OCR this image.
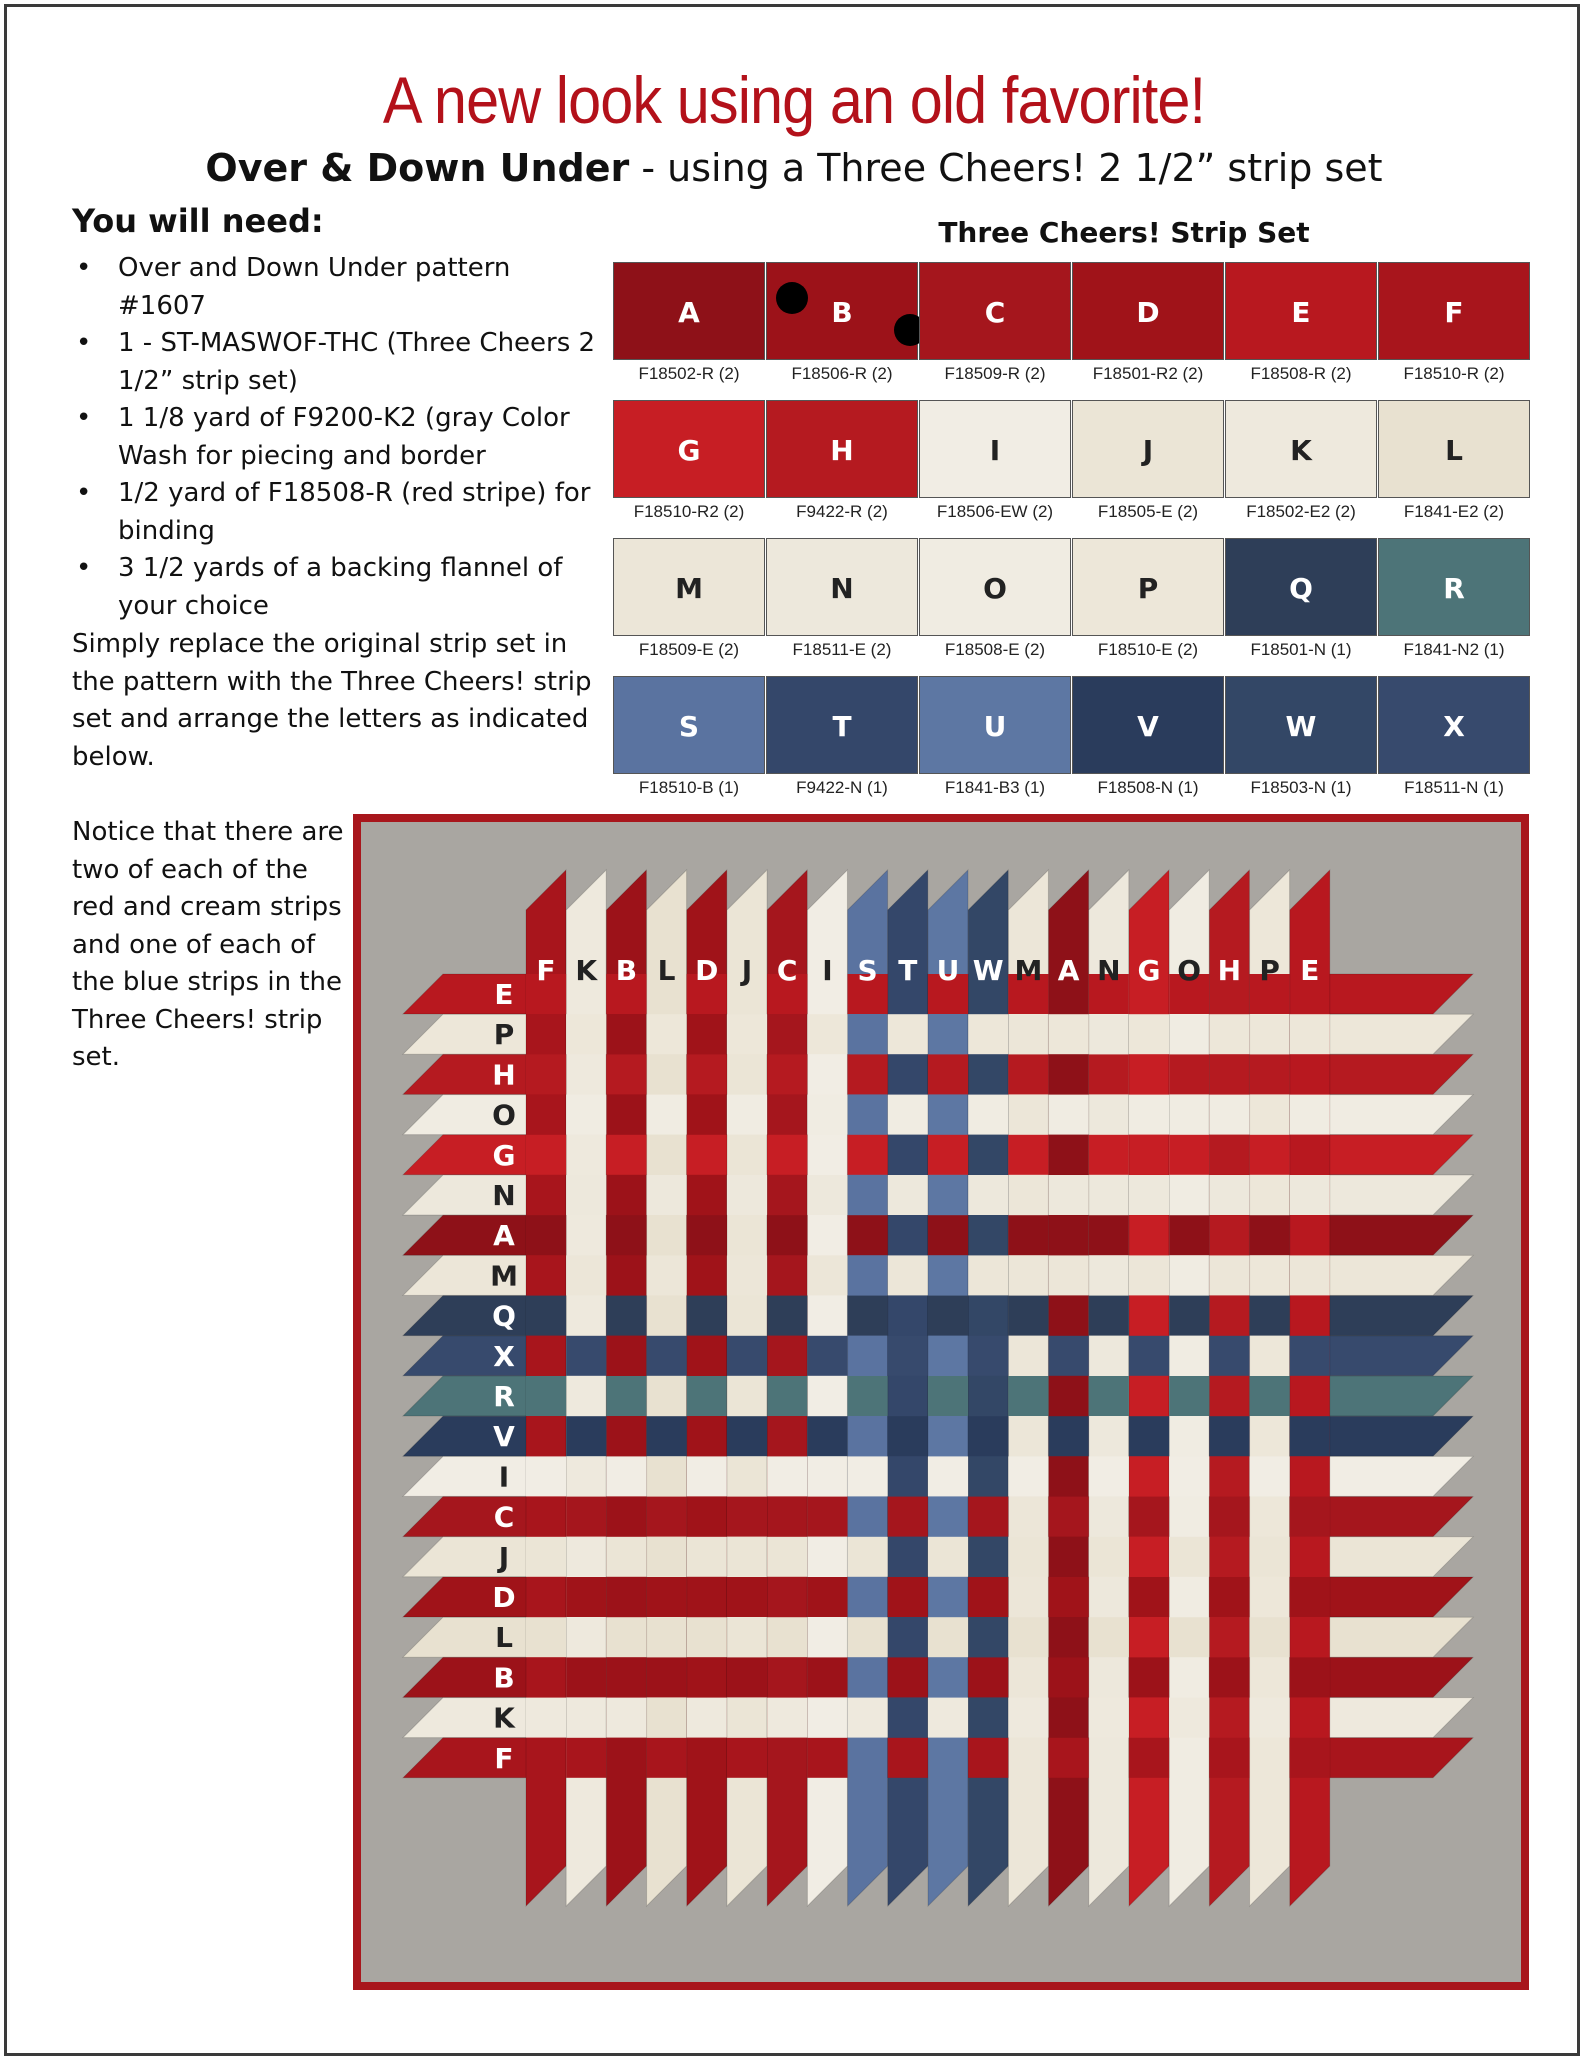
A new look using an old favorite!
Over & Down Under - using a Three Cheers! 2 1/2” strip set
You will need:
• Over and Down Under pattern #1607
• 1 - ST-MASWOF-THC (Three Cheers 2 1/2” strip set)
• 1 1/8 yard of F9200-K2 (gray Color Wash for piecing and border
• 1/2 yard of F18508-R (red stripe) for binding
• 3 1/2 yards of a backing flannel of your choice
Simply replace the original strip set in the pattern with the Three Cheers! strip set and arrange the letters as indicated below.
Notice that there are two of each of the red and cream strips and one of each of the blue strips in the Three Cheers! strip set.
Three Cheers! Strip Set
A
F18502-R (2)
B
F18506-R (2)
C
F18509-R (2)
D
F18501-R2 (2)
E
F18508-R (2)
F
F18510-R (2)
G
F18510-R2 (2)
H
F9422-R (2)
I
F18506-EW (2)
J
F18505-E (2)
K
F18502-E2 (2)
L
F1841-E2 (2)
M
F18509-E (2)
N
F18511-E (2)
O
F18508-E (2)
P
F18510-E (2)
Q
F18501-N (1)
R
F1841-N2 (1)
S
F18510-B (1)
T
F9422-N (1)
U
F1841-B3 (1)
V
F18508-N (1)
W
F18503-N (1)
X
F18511-N (1)
F K B L D J C I S T U W M A N G O H P E
E
P
H
O
G
N
A
M
Q
X
R
V
I
C
J
D
L
B
K
F
